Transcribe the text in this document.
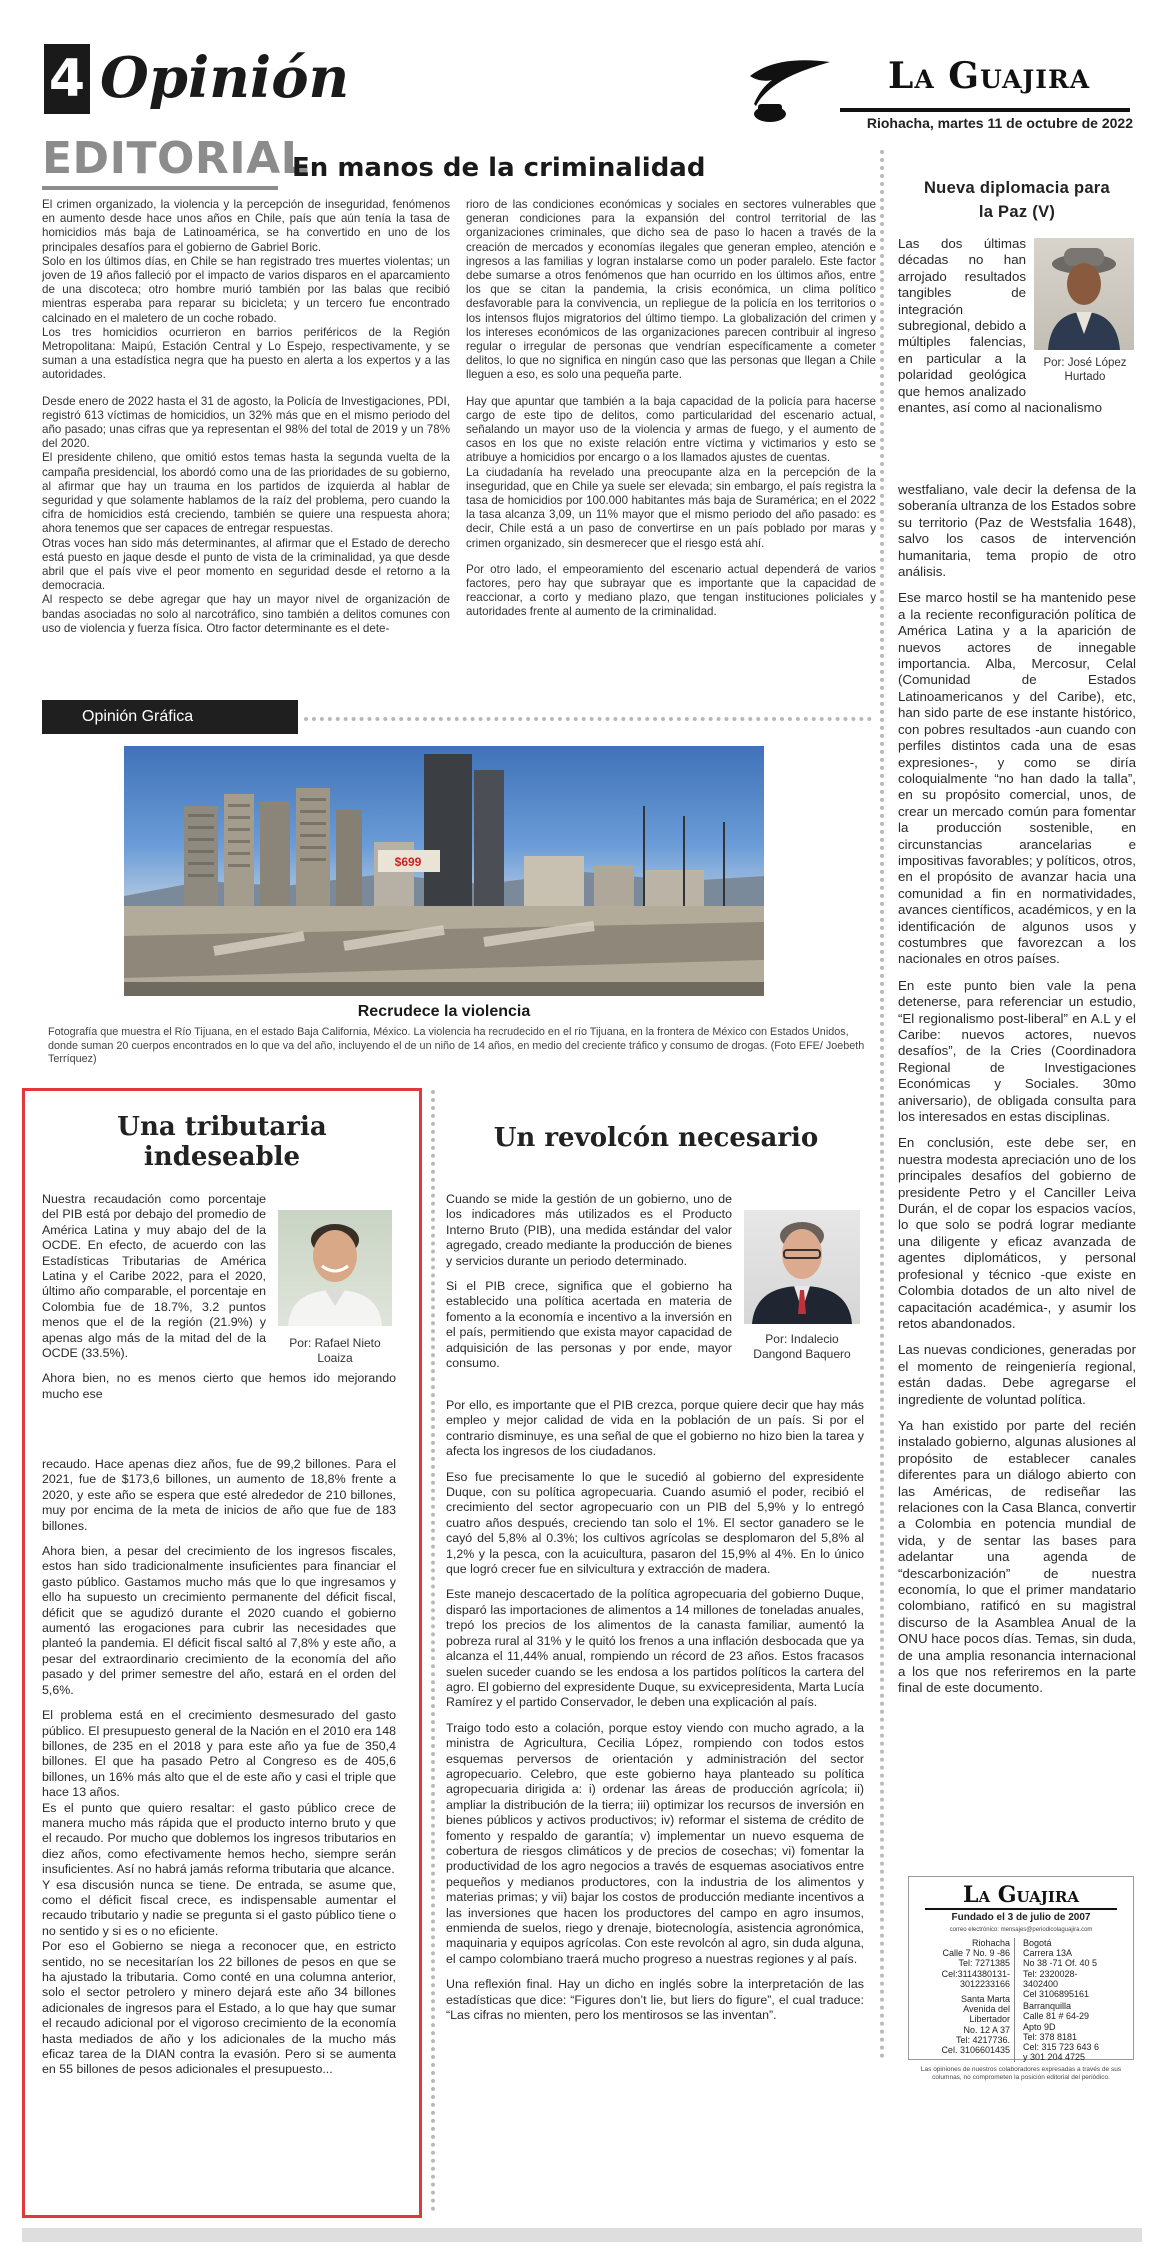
4 Opinión	La Guajira
Riohacha, martes 11 de octubre de 2022
EDITORIAL
En manos de la criminalidad

El crimen organizado, la violencia y la percepción de inseguridad, fenómenos en aumento desde hace unos años en Chile, país que aún tenía la tasa de homicidios más baja de Latinoamérica, se ha convertido en uno de los principales desafíos para el gobierno de Gabriel Boric.

Solo en los últimos días, en Chile se han registrado tres muertes violentas; un joven de 19 años falleció por el impacto de varios disparos en el aparcamiento de una discoteca; otro hombre murió también por las balas que recibió mientras esperaba para reparar su bicicleta; y un tercero fue encontrado calcinado en el maletero de un coche robado.

Los tres homicidios ocurrieron en barrios periféricos de la Región Metropolitana: Maipú, Estación Central y Lo Espejo, respectivamente, y se suman a una estadística negra que ha puesto en alerta a los expertos y a las autoridades.

Desde enero de 2022 hasta el 31 de agosto, la Policía de Investigaciones, PDI, registró 613 víctimas de homicidios, un 32% más que en el mismo periodo del año pasado; unas cifras que ya representan el 98% del total de 2019 y un 78% del 2020.

El presidente chileno, que omitió estos temas hasta la segunda vuelta de la campaña presidencial, los abordó como una de las prioridades de su gobierno, al afirmar que hay un trauma en los partidos de izquierda al hablar de seguridad y que solamente hablamos de la raíz del problema, pero cuando la cifra de homicidios está creciendo, también se quiere una respuesta ahora; ahora tenemos que ser capaces de entregar respuestas.

Otras voces han sido más determinantes, al afirmar que el Estado de derecho está puesto en jaque desde el punto de vista de la criminalidad, ya que desde abril que el país vive el peor momento en seguridad desde el retorno a la democracia.

Al respecto se debe agregar que hay un mayor nivel de organización de bandas asociadas no solo al narcotráfico, sino también a delitos comunes con uso de violencia y fuerza física. Otro factor determinante es el dete-

rioro de las condiciones económicas y sociales en sectores vulnerables que generan condiciones para la expansión del control territorial de las organizaciones criminales, que dicho sea de paso lo hacen a través de la creación de mercados y economías ilegales que generan empleo, atención e ingresos a las familias y logran instalarse como un poder paralelo. Este factor debe sumarse a otros fenómenos que han ocurrido en los últimos años, entre los que se citan la pandemia, la crisis económica, un clima político desfavorable para la convivencia, un repliegue de la policía en los territorios o los intensos flujos migratorios del último tiempo. La globalización del crimen y los intereses económicos de las organizaciones parecen contribuir al ingreso regular o irregular de personas que vendrían específicamente a cometer delitos, lo que no significa en ningún caso que las personas que llegan a Chile lleguen a eso, es solo una pequeña parte.

Hay que apuntar que también a la baja capacidad de la policía para hacerse cargo de este tipo de delitos, como particularidad del escenario actual, señalando un mayor uso de la violencia y armas de fuego, y el aumento de casos en los que no existe relación entre víctima y victimarios y esto se atribuye a homicidios por encargo o a los llamados ajustes de cuentas.

La ciudadanía ha revelado una preocupante alza en la percepción de la inseguridad, que en Chile ya suele ser elevada; sin embargo, el país registra la tasa de homicidios por 100.000 habitantes más baja de Suramérica; en el 2022 la tasa alcanza 3,09, un 11% mayor que el mismo periodo del año pasado: es decir, Chile está a un paso de convertirse en un país poblado por maras y crimen organizado, sin desmerecer que el riesgo está ahí.

Por otro lado, el empeoramiento del escenario actual dependerá de varios factores, pero hay que subrayar que es importante que la capacidad de reaccionar, a corto y mediano plazo, que tengan instituciones policiales y autoridades frente al aumento de la criminalidad.

Opinión Gráfica
$699
Recrudece la violencia
Fotografía que muestra el Río Tijuana, en el estado Baja California, México. La violencia ha recrudecido en el río Tijuana, en la frontera de México con Estados Unidos, donde suman 20 cuerpos encontrados en lo que va del año, incluyendo el de un niño de 14 años, en medio del creciente tráfico y consumo de drogas. (Foto EFE/ Joebeth Terríquez)
Nueva diplomacia para
la Paz (V)
Por: José López Hurtado
Las dos últimas décadas no han arrojado resultados tangibles de integración subregional, debido a múltiples falencias, en particular a la polaridad geológica que hemos analizado enantes, así como al nacionalismo

westfaliano, vale decir la defensa de la soberanía ultranza de los Estados sobre su territorio (Paz de Westsfalia 1648), salvo los casos de intervención humanitaria, tema propio de otro análisis.

Ese marco hostil se ha mantenido pese a la reciente reconfiguración política de América Latina y a la aparición de nuevos actores de innegable importancia. Alba, Mercosur, Celal (Comunidad de Estados Latinoamericanos y del Caribe), etc, han sido parte de ese instante histórico, con pobres resultados -aun cuando con perfiles distintos cada una de esas expresiones-, y como se diría coloquialmente “no han dado la talla”, en su propósito comercial, unos, de crear un mercado común para fomentar la producción sostenible, en circunstancias arancelarias e impositivas favorables; y políticos, otros, en el propósito de avanzar hacia una comunidad a fin en normatividades, avances científicos, académicos, y en la identificación de algunos usos y costumbres que favorezcan a los nacionales en otros países.

En este punto bien vale la pena detenerse, para referenciar un estudio, “El regionalismo post-liberal” en A.L y el Caribe: nuevos actores, nuevos desafíos”, de la Cries (Coordinadora Regional de Investigaciones Económicas y Sociales. 30mo aniversario), de obligada consulta para los interesados en estas disciplinas.

En conclusión, este debe ser, en nuestra modesta apreciación uno de los principales desafíos del gobierno de presidente Petro y el Canciller Leiva Durán, el de copar los espacios vacíos, lo que solo se podrá lograr mediante una diligente y eficaz avanzada de agentes diplomáticos, y personal profesional y técnico -que existe en Colombia dotados de un alto nivel de capacitación académica-, y asumir los retos abandonados.

Las nuevas condiciones, generadas por el momento de reingeniería regional, están dadas. Debe agregarse el ingrediente de voluntad política.

Ya han existido por parte del recién instalado gobierno, algunas alusiones al propósito de establecer canales diferentes para un diálogo abierto con las Américas, de rediseñar las relaciones con la Casa Blanca, convertir a Colombia en potencia mundial de vida, y de sentar las bases para adelantar una agenda de “descarbonización” de nuestra economía, lo que el primer mandatario colombiano, ratificó en su magistral discurso de la Asamblea Anual de la ONU hace pocos días. Temas, sin duda, de una amplia resonancia internacional a los que nos referiremos en la parte final de este documento.

La Guajira
Fundado el 3 de julio de 2007
correo electrónico: mensajes@periodicolaguajira.com
Riohacha
Calle 7 No. 9 -86
Tel: 7271385
Cel:3114380131-
3012233166
Santa Marta
Avenida del
Libertador
No. 12 A 37
Tel: 4217736.
Cel. 3106601435
Bogotá
Carrera 13A
No 38 -71 Of. 40 5
Tel: 2320028-
3402400
Cel 3106895161
Barranquilla
Calle 81 # 64-29
Apto 9D
Tel: 378 8181
Cel: 315 723 643 6
y 301 204 4725
Las opiniones de nuestros colaboradores expresadas a través de sus columnas, no comprometen la posición editorial del periódico.
Una tributaria
indeseable
Por: Rafael Nieto Loaiza
Nuestra recaudación como porcentaje del PIB está por debajo del promedio de América Latina y muy abajo del de la OCDE. En efecto, de acuerdo con las Estadísticas Tributarias de América Latina y el Caribe 2022, para el 2020, último año comparable, el porcentaje en Colombia fue de 18.7%, 3.2 puntos menos que el de la región (21.9%) y apenas algo más de la mitad del de la OCDE (33.5%).
Ahora bien, no es menos cierto que hemos ido mejorando mucho ese

recaudo. Hace apenas diez años, fue de 99,2 billones. Para el 2021, fue de $173,6 billones, un aumento de 18,8% frente a 2020, y este año se espera que esté alrededor de 210 billones, muy por encima de la meta de inicios de año que fue de 183 billones.

Ahora bien, a pesar del crecimiento de los ingresos fiscales, estos han sido tradicionalmente insuficientes para financiar el gasto público. Gastamos mucho más que lo que ingresamos y ello ha supuesto un crecimiento permanente del déficit fiscal, déficit que se agudizó durante el 2020 cuando el gobierno aumentó las erogaciones para cubrir las necesidades que planteó la pandemia. El déficit fiscal saltó al 7,8% y este año, a pesar del extraordinario crecimiento de la economía del año pasado y del primer semestre del año, estará en el orden del 5,6%.

El problema está en el crecimiento desmesurado del gasto público. El presupuesto general de la Nación en el 2010 era 148 billones, de 235 en el 2018 y para este año ya fue de 350,4 billones. El que ha pasado Petro al Congreso es de 405,6 billones, un 16% más alto que el de este año y casi el triple que hace 13 años.

Es el punto que quiero resaltar: el gasto público crece de manera mucho más rápida que el producto interno bruto y que el recaudo. Por mucho que doblemos los ingresos tributarios en diez años, como efectivamente hemos hecho, siempre serán insuficientes. Así no habrá jamás reforma tributaria que alcance.

Y esa discusión nunca se tiene. De entrada, se asume que, como el déficit fiscal crece, es indispensable aumentar el recaudo tributario y nadie se pregunta si el gasto público tiene o no sentido y si es o no eficiente.

Por eso el Gobierno se niega a reconocer que, en estricto sentido, no se necesitarían los 22 billones de pesos en que se ha ajustado la tributaria. Como conté en una columna anterior, solo el sector petrolero y minero dejará este año 34 billones adicionales de ingresos para el Estado, a lo que hay que sumar el recaudo adicional por el vigoroso crecimiento de la economía hasta mediados de año y los adicionales de la mucho más eficaz tarea de la DIAN contra la evasión. Pero si se aumenta en 55 billones de pesos adicionales el presupuesto...

Un revolcón necesario
Por: Indalecio Dangond Baquero
Cuando se mide la gestión de un gobierno, uno de los indicadores más utilizados es el Producto Interno Bruto (PIB), una medida estándar del valor agregado, creado mediante la producción de bienes y servicios durante un periodo determinado.
Si el PIB crece, significa que el gobierno ha establecido una política acertada en materia de fomento a la economía e incentivo a la inversión en el país, permitiendo que exista mayor capacidad de adquisición de las personas y por ende, mayor consumo.

Por ello, es importante que el PIB crezca, porque quiere decir que hay más empleo y mejor calidad de vida en la población de un país. Si por el contrario disminuye, es una señal de que el gobierno no hizo bien la tarea y afecta los ingresos de los ciudadanos.

Eso fue precisamente lo que le sucedió al gobierno del expresidente Duque, con su política agropecuaria. Cuando asumió el poder, recibió el crecimiento del sector agropecuario con un PIB del 5,9% y lo entregó cuatro años después, creciendo tan solo el 1%. El sector ganadero se le cayó del 5,8% al 0.3%; los cultivos agrícolas se desplomaron del 5,8% al 1,2% y la pesca, con la acuicultura, pasaron del 15,9% al 4%. En lo único que logró crecer fue en silvicultura y extracción de madera.

Este manejo descacertado de la política agropecuaria del gobierno Duque, disparó las importaciones de alimentos a 14 millones de toneladas anuales, trepó los precios de los alimentos de la canasta familiar, aumentó la pobreza rural al 31% y le quitó los frenos a una inflación desbocada que ya alcanza el 11,44% anual, rompiendo un récord de 23 años. Estos fracasos suelen suceder cuando se les endosa a los partidos políticos la cartera del agro. El gobierno del expresidente Duque, su exvicepresidenta, Marta Lucía Ramírez y el partido Conservador, le deben una explicación al país.

Traigo todo esto a colación, porque estoy viendo con mucho agrado, a la ministra de Agricultura, Cecilia López, rompiendo con todos estos esquemas perversos de orientación y administración del sector agropecuario. Celebro, que este gobierno haya planteado su política agropecuaria dirigida a: i) ordenar las áreas de producción agrícola; ii) ampliar la distribución de la tierra; iii) optimizar los recursos de inversión en bienes públicos y activos productivos; iv) reformar el sistema de crédito de fomento y respaldo de garantía; v) implementar un nuevo esquema de cobertura de riesgos climáticos y de precios de cosechas; vi) fomentar la productividad de los agro negocios a través de esquemas asociativos entre pequeños y medianos productores, con la industria de los alimentos y materias primas; y vii) bajar los costos de producción mediante incentivos a las inversiones que hacen los productores del campo en agro insumos, enmienda de suelos, riego y drenaje, biotecnología, asistencia agronómica, maquinaria y equipos agrícolas. Con este revolcón al agro, sin duda alguna, el campo colombiano traerá mucho progreso a nuestras regiones y al país.

Una reflexión final. Hay un dicho en inglés sobre la interpretación de las estadísticas que dice: “Figures don’t lie, but liers do figure”, el cual traduce: “Las cifras no mienten, pero los mentirosos se las inventan”.
